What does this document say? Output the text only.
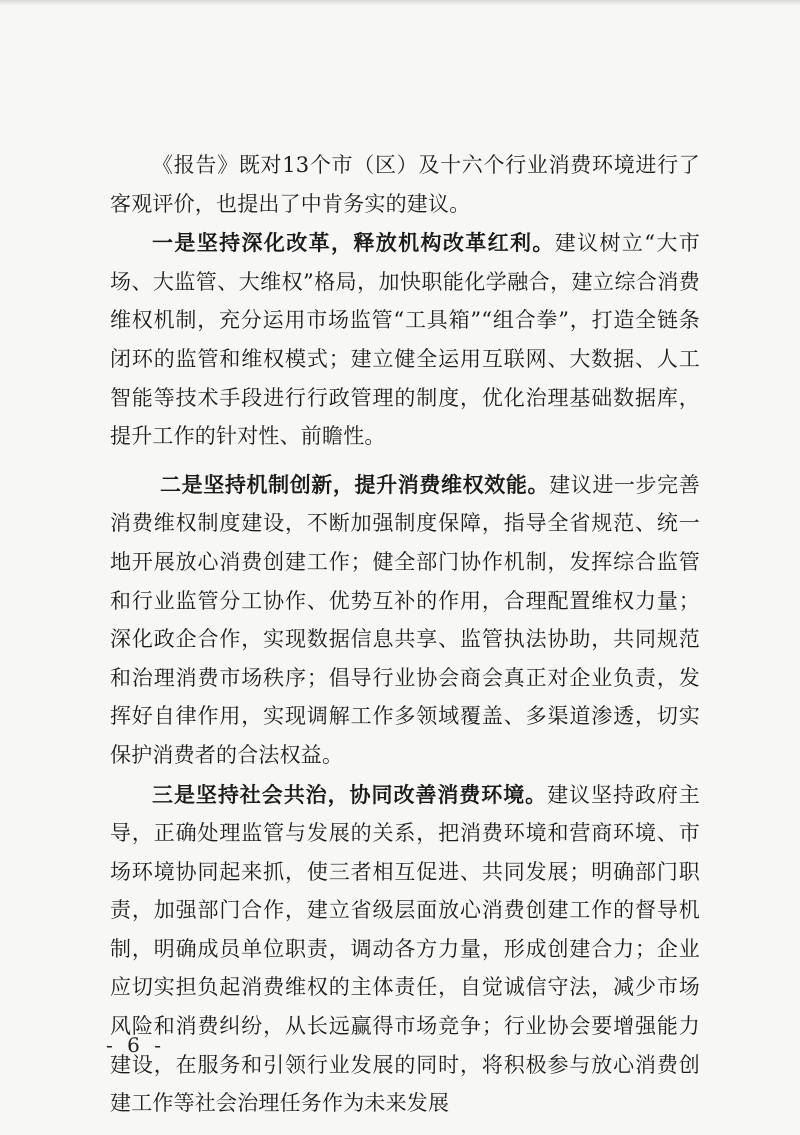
《报告》既对13个市（区）及十六个行业消费环境进行了客观评价，也提出了中肯务实的建议。

一是坚持深化改革，释放机构改革红利。建议树立“大市场、大监管、大维权”格局，加快职能化学融合，建立综合消费维权机制，充分运用市场监管“工具箱”“组合拳”，打造全链条闭环的监管和维权模式；建立健全运用互联网、大数据、人工智能等技术手段进行行政管理的制度，优化治理基础数据库，提升工作的针对性、前瞻性。

二是坚持机制创新，提升消费维权效能。建议进一步完善消费维权制度建设，不断加强制度保障，指导全省规范、统一地开展放心消费创建工作；健全部门协作机制，发挥综合监管和行业监管分工协作、优势互补的作用，合理配置维权力量；深化政企合作，实现数据信息共享、监管执法协助，共同规范和治理消费市场秩序；倡导行业协会商会真正对企业负责，发挥好自律作用，实现调解工作多领域覆盖、多渠道渗透，切实保护消费者的合法权益。

三是坚持社会共治，协同改善消费环境。建议坚持政府主导，正确处理监管与发展的关系，把消费环境和营商环境、市场环境协同起来抓，使三者相互促进、共同发展；明确部门职责，加强部门合作，建立省级层面放心消费创建工作的督导机制，明确成员单位职责，调动各方力量，形成创建合力；企业应切实担负起消费维权的主体责任，自觉诚信守法，减少市场风险和消费纠纷，从长远赢得市场竞争；行业协会要增强能力建设，在服务和引领行业发展的同时，将积极参与放心消费创建工作等社会治理任务作为未来发展

- 6 -
